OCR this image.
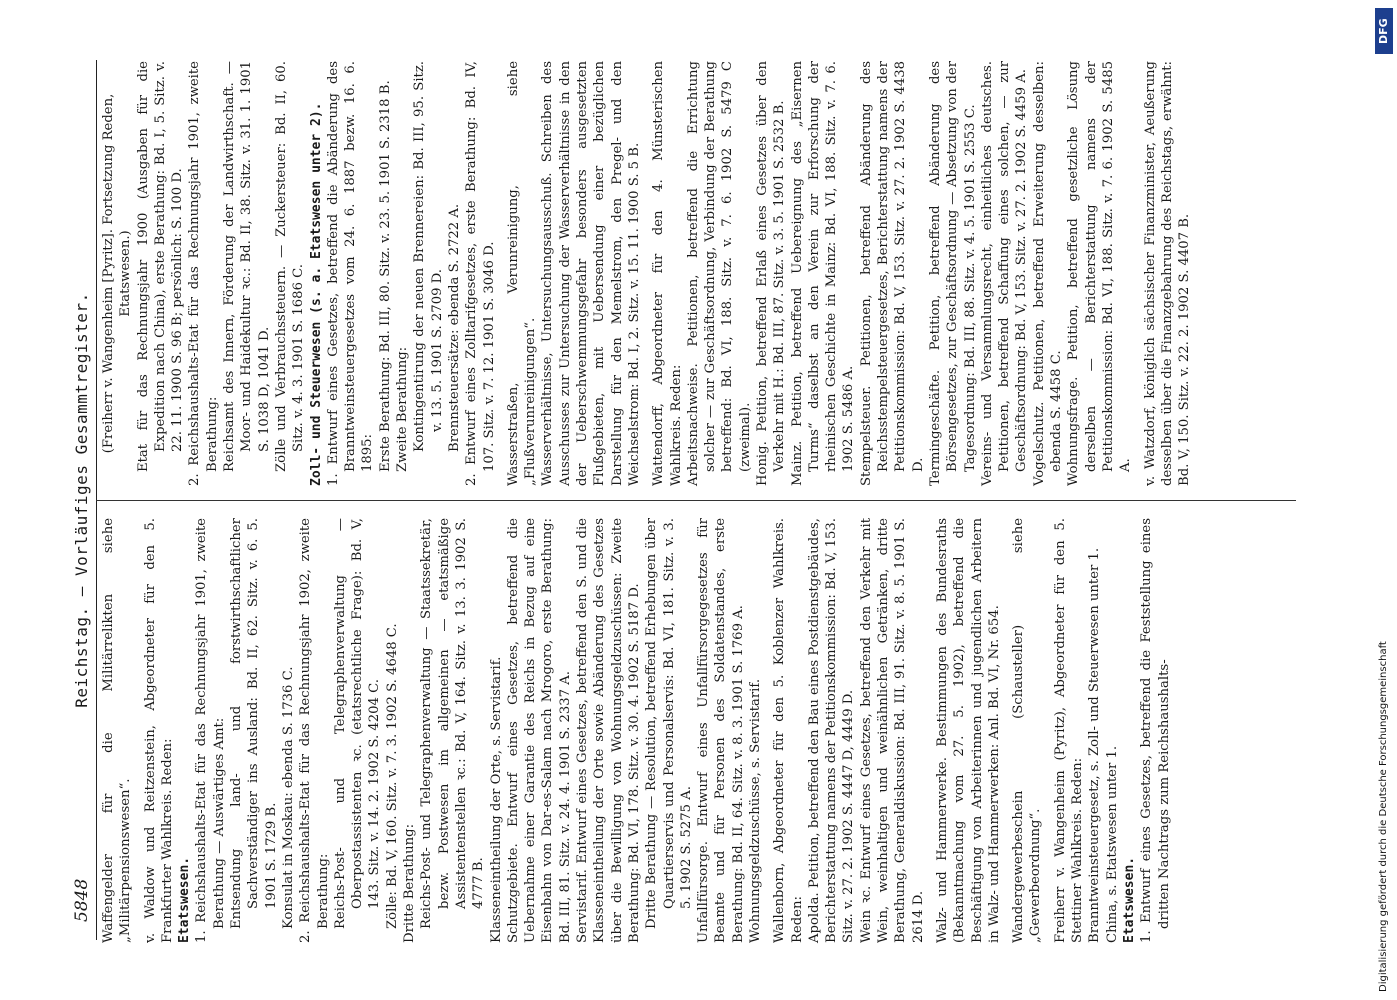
5848
Reichstag. — Vorläufiges Gesammtregister.

Waffengelder für die Militärrelikten siehe „Militärpensionswesen“. v. Waldow und Reitzenstein, Abgeordneter für den 5. Frankfurter Wahlkreis. Reden: Etatswesen. 1. Reichshaushalts-Etat für das Rechnungsjahr 1901, zweite Berathung — Auswärtiges Amt: Entsendung land- und forstwirthschaftlicher Sachverständiger ins Ausland: Bd. II, 62. Sitz. v. 6. 5. 1901 S. 1729 B. Konsulat in Moskau: ebenda S. 1736 C. 2. Reichshaushalts-Etat für das Rechnungsjahr 1902, zweite Berathung: Reichs-Post- und Telegraphenverwaltung — Oberpostassistenten ꝛc. (etatsrechtliche Frage): Bd. V, 143. Sitz. v. 14. 2. 1902 S. 4204 C. Zölle: Bd. V, 160. Sitz. v. 7. 3. 1902 S. 4648 C. Dritte Berathung: Reichs-Post- und Telegraphenverwaltung — Staatssekretär, bezw. Postwesen im allgemeinen — etatsmäßige Assistentenstellen ꝛc.: Bd. V, 164. Sitz. v. 13. 3. 1902 S. 4777 B. Klasseneintheilung der Orte, s. Servistarif. Schutzgebiete. Entwurf eines Gesetzes, betreffend die Uebernahme einer Garantie des Reichs in Bezug auf eine Eisenbahn von Dar-es-Salam nach Mrogoro, erste Berathung: Bd. III, 81. Sitz. v. 24. 4. 1901 S. 2337 A. Servistarif. Entwurf eines Gesetzes, betreffend den S. und die Klasseneintheilung der Orte sowie Abänderung des Gesetzes über die Bewilligung von Wohnungsgeldzuschüssen: Zweite Berathung: Bd. VI, 178. Sitz. v. 30. 4. 1902 S. 5187 D. Dritte Berathung — Resolution, betreffend Erhebungen über Quartierservis und Personalservis: Bd. VI, 181. Sitz. v. 3. 5. 1902 S. 5275 A. Unfallfürsorge. Entwurf eines Unfallfürsorgegesetzes für Beamte und für Personen des Soldatenstandes, erste Berathung: Bd. II, 64. Sitz. v. 8. 3. 1901 S. 1769 A. Wohnungsgeldzuschüsse, s. Servistarif. Wallenborn, Abgeordneter für den 5. Koblenzer Wahlkreis. Reden: Apolda. Petition, betreffend den Bau eines Postdienstgebäudes, Berichterstattung namens der Petitionskommission: Bd. V, 153. Sitz. v. 27. 2. 1902 S. 4447 D, 4449 D. Wein ꝛc. Entwurf eines Gesetzes, betreffend den Verkehr mit Wein, weinhaltigen und weinähnlichen Getränken, dritte Berathung, Generaldiskussion: Bd. III, 91. Sitz. v. 8. 5. 1901 S. 2614 D. Walz- und Hammerwerke. Bestimmungen des Bundesraths (Bekanntmachung vom 27. 5. 1902), betreffend die Beschäftigung von Arbeiterinnen und jugendlichen Arbeitern in Walz- und Hammerwerken: Anl. Bd. VI, Nr. 654. Wandergewerbeschein (Schausteller) siehe „Gewerbeordnung“. Freiherr v. Wangenheim (Pyritz), Abgeordneter für den 5. Stettiner Wahlkreis. Reden: Branntweinsteuergesetz, s. Zoll- und Steuerwesen unter 1. China, s. Etatswesen unter 1. Etatswesen. 1. Entwurf eines Gesetzes, betreffend die Feststellung eines dritten Nachtrags zum Reichshaushalts-

(Freiherr v. Wangenheim [Pyritz]. Fortsetzung Reden, Etatswesen.) Etat für das Rechnungsjahr 1900 (Ausgaben für die Expedition nach China), erste Berathung: Bd. I, 5. Sitz. v. 22. 11. 1900 S. 96 B; persönlich: S. 100 D. 2. Reichshaushalts-Etat für das Rechnungsjahr 1901, zweite Berathung: Reichsamt des Innern, Förderung der Landwirthschaft. — Moor- und Haidekultur ꝛc.: Bd. II, 38. Sitz. v. 31. 1. 1901 S. 1038 D, 1041 D. Zölle und Verbrauchssteuern. — Zuckersteuer: Bd. II, 60. Sitz. v. 4. 3. 1901 S. 1686 C. Zoll- und Steuerwesen (s. a. Etatswesen unter 2). 1. Entwurf eines Gesetzes, betreffend die Abänderung des Branntweinsteuergesetzes vom 24. 6. 1887 bezw. 16. 6. 1895: Erste Berathung: Bd. III, 80. Sitz. v. 23. 5. 1901 S. 2318 B. Zweite Berathung: Kontingentirung der neuen Brennereien: Bd. III, 95. Sitz. v. 13. 5. 1901 S. 2709 D. Brennsteuersätze: ebenda S. 2722 A. 2. Entwurf eines Zolltarifgesetzes, erste Berathung: Bd. IV, 107. Sitz. v. 7. 12. 1901 S. 3046 D. Wasserstraßen, Verunreinigung, siehe „Flußverunreinigungen“. Wasserverhältnisse, Untersuchungsausschuß. Schreiben des Ausschusses zur Untersuchung der Wasserverhältnisse in den der Ueberschwemmungsgefahr besonders ausgesetzten Flußgebieten, mit Uebersendung einer bezüglichen Darstellung für den Memelstrom, den Pregel- und den Weichselstrom: Bd. I, 2. Sitz. v. 15. 11. 1900 S. 5 B. Wattendorff, Abgeordneter für den 4. Münsterischen Wahlkreis. Reden: Arbeitsnachweise. Petitionen, betreffend die Errichtung solcher — zur Geschäftsordnung, Verbindung der Berathung betreffend: Bd. VI, 188. Sitz. v. 7. 6. 1902 S. 5479 C (zweimal). Honig. Petition, betreffend Erlaß eines Gesetzes über den Verkehr mit H.: Bd. III, 87. Sitz. v. 3. 5. 1901 S. 2532 B. Mainz. Petition, betreffend Uebereignung des „Eisernen Turms“ daselbst an den Verein zur Erforschung der rheinischen Geschichte in Mainz: Bd. VI, 188. Sitz. v. 7. 6. 1902 S. 5486 A. Stempelsteuer. Petitionen, betreffend Abänderung des Reichsstempelsteuergesetzes, Berichterstattung namens der Petitionskommission: Bd. V, 153. Sitz. v. 27. 2. 1902 S. 4438 D. Termingeschäfte. Petition, betreffend Abänderung des Börsengesetzes, zur Geschäftsordnung — Absetzung von der Tagesordnung: Bd. III, 88. Sitz. v. 4. 5. 1901 S. 2553 C. Vereins- und Versammlungsrecht, einheitliches deutsches. Petitionen, betreffend Schaffung eines solchen, — zur Geschäftsordnung: Bd. V, 153. Sitz. v. 27. 2. 1902 S. 4459 A. Vogelschutz. Petitionen, betreffend Erweiterung desselben: ebenda S. 4458 C. Wohnungsfrage. Petition, betreffend gesetzliche Lösung derselben — Berichterstattung namens der Petitionskommission: Bd. VI, 188. Sitz. v. 7. 6. 1902 S. 5485 A. v. Watzdorf, königlich sächsischer Finanzminister, Aeußerung desselben über die Finanzgebahrung des Reichstags, erwähnt: Bd. V, 150. Sitz. v. 22. 2. 1902 S. 4407 B.

DFG
Digitalisierung gefördert durch die Deutsche Forschungsgemeinschaft
